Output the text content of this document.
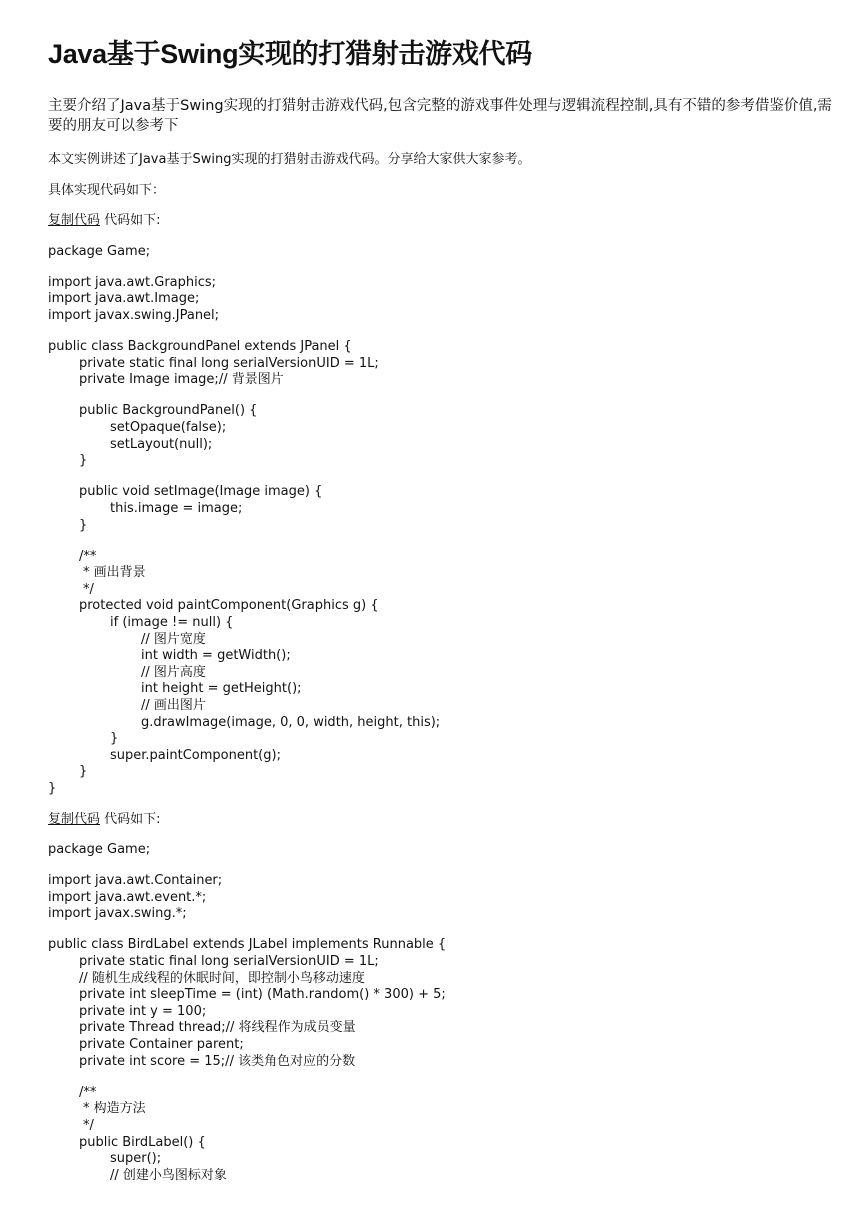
Java基于Swing实现的打猎射击游戏代码
主要介绍了Java基于Swing实现的打猎射击游戏代码,包含完整的游戏事件处理与逻辑流程控制,具有不错的参考借鉴价值,需要的朋友可以参考下
本文实例讲述了Java基于Swing实现的打猎射击游戏代码。分享给大家供大家参考。
具体实现代码如下：
复制代码 代码如下:
package Game;
import java.awt.Graphics;
import java.awt.Image;
import javax.swing.JPanel;
public class BackgroundPanel extends JPanel {
private static final long serialVersionUID = 1L;
private Image image;// 背景图片
public BackgroundPanel() {
setOpaque(false);
setLayout(null);
}
public void setImage(Image image) {
this.image = image;
}
/**
* 画出背景
*/
protected void paintComponent(Graphics g) {
if (image != null) {
// 图片宽度
int width = getWidth();
// 图片高度
int height = getHeight();
// 画出图片
g.drawImage(image, 0, 0, width, height, this);
}
super.paintComponent(g);
}
}
复制代码 代码如下:
package Game;
import java.awt.Container;
import java.awt.event.*;
import javax.swing.*;
public class BirdLabel extends JLabel implements Runnable {
private static final long serialVersionUID = 1L;
// 随机生成线程的休眠时间，即控制小鸟移动速度
private int sleepTime = (int) (Math.random() * 300) + 5;
private int y = 100;
private Thread thread;// 将线程作为成员变量
private Container parent;
private int score = 15;// 该类角色对应的分数
/**
* 构造方法
*/
public BirdLabel() {
super();
// 创建小鸟图标对象
